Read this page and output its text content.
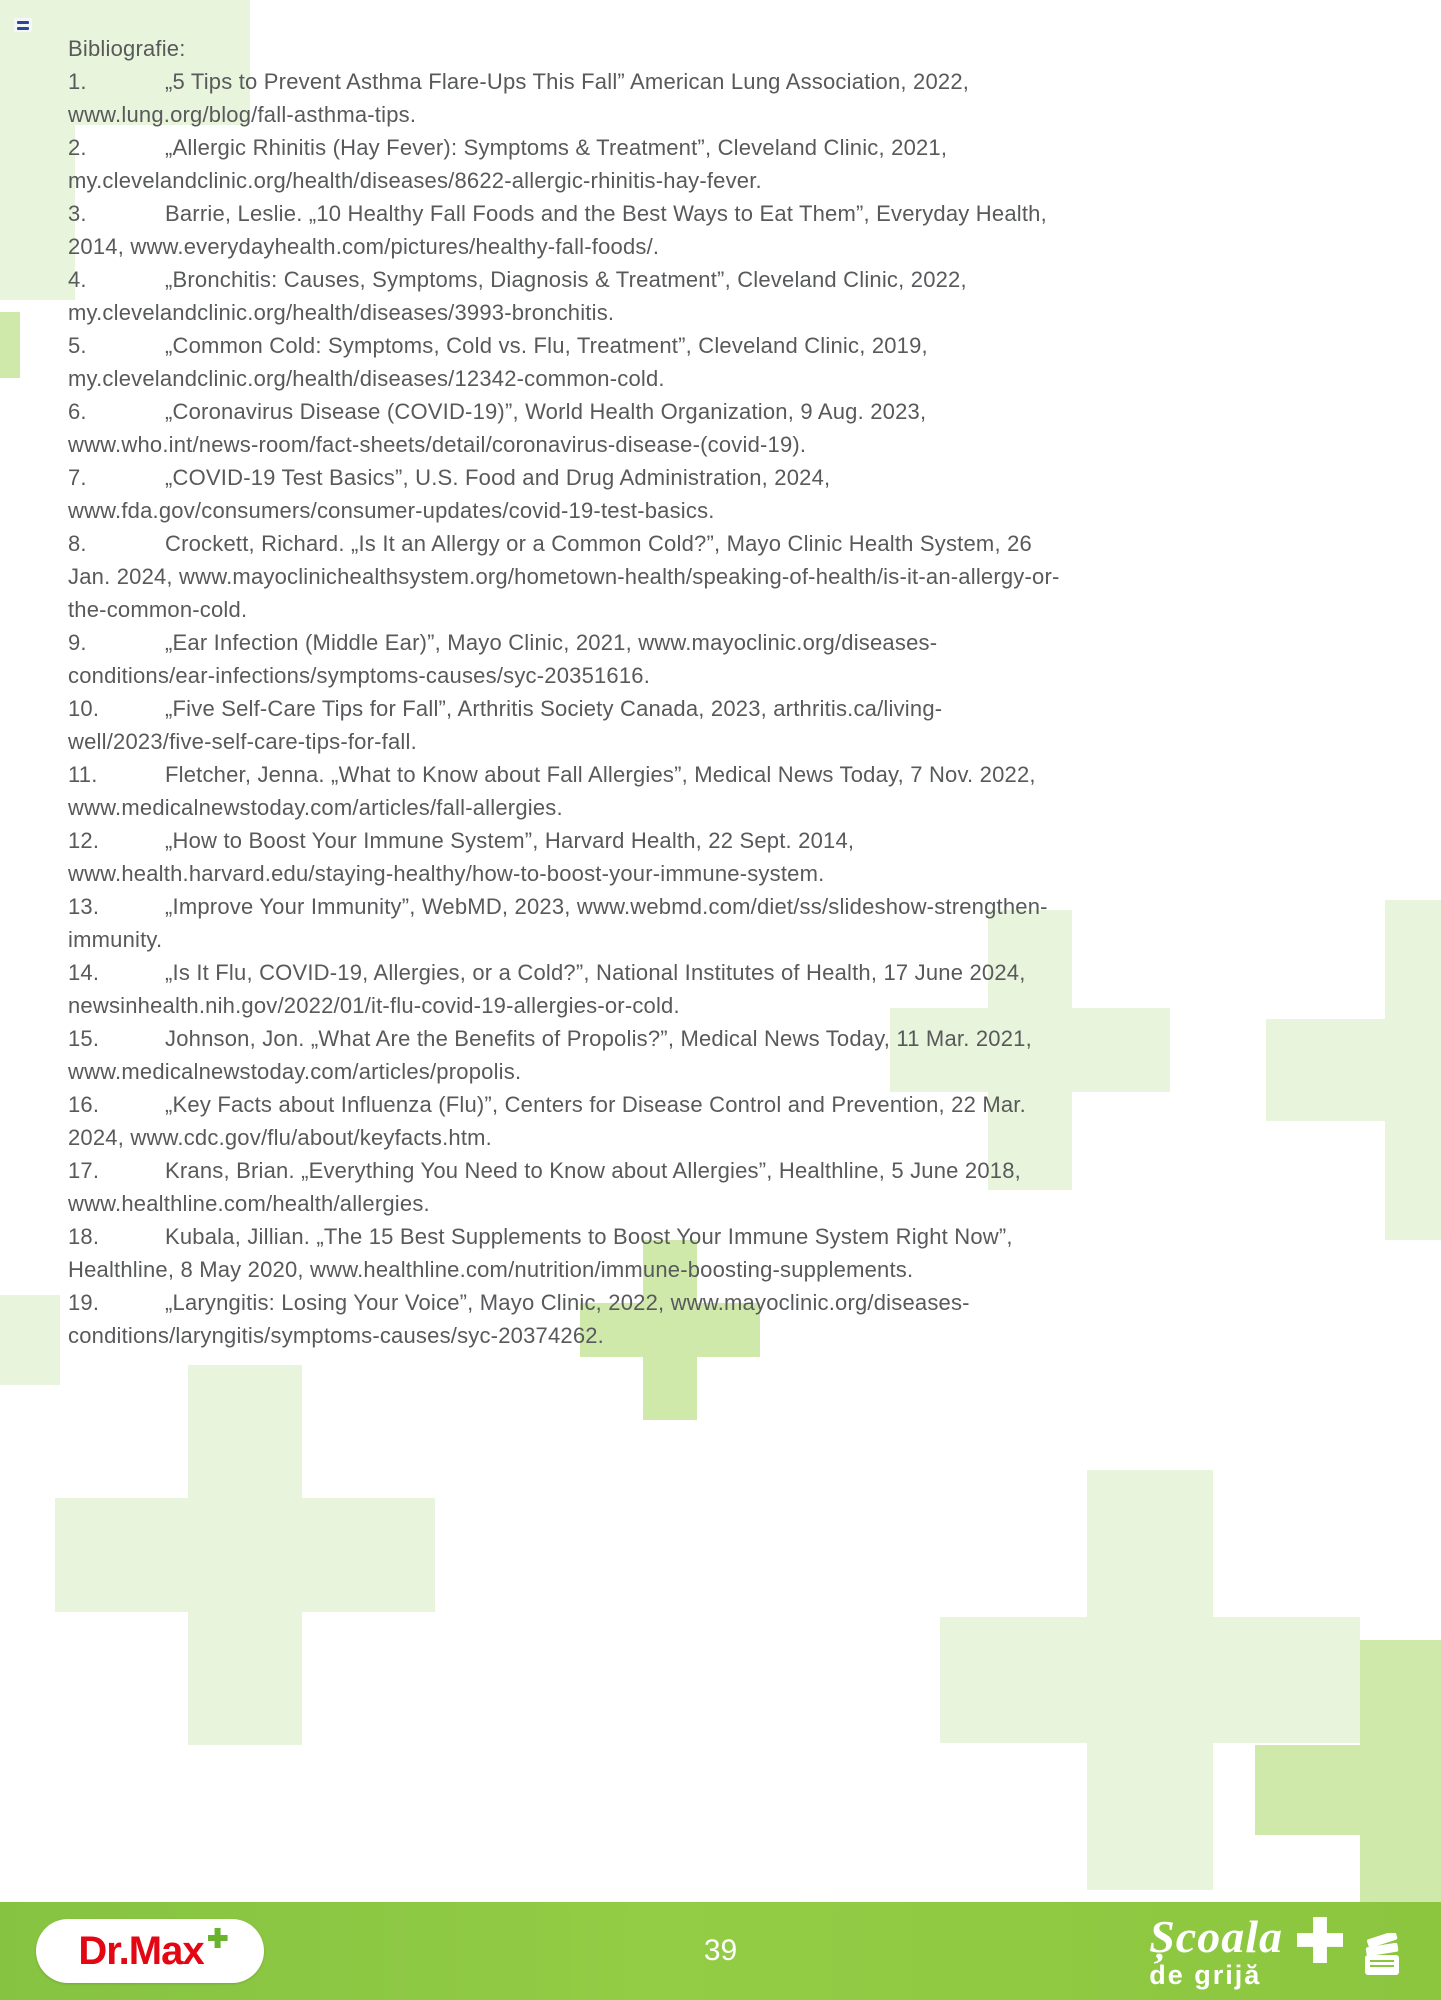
Bibliografie:

1.	„5 Tips to Prevent Asthma Flare-Ups This Fall” American Lung Association, 2022, www.lung.org/blog/fall-asthma-tips.

2.	„Allergic Rhinitis (Hay Fever): Symptoms & Treatment”, Cleveland Clinic, 2021, my.clevelandclinic.org/health/diseases/8622-allergic-rhinitis-hay-fever.

3.	Barrie, Leslie. „10 Healthy Fall Foods and the Best Ways to Eat Them”, Everyday Health, 2014, www.everydayhealth.com/pictures/healthy-fall-foods/.

4.	„Bronchitis: Causes, Symptoms, Diagnosis & Treatment”, Cleveland Clinic, 2022, my.clevelandclinic.org/health/diseases/3993-bronchitis.

5.	„Common Cold: Symptoms, Cold vs. Flu, Treatment”, Cleveland Clinic, 2019, my.clevelandclinic.org/health/diseases/12342-common-cold.

6.	„Coronavirus Disease (COVID-19)”, World Health Organization, 9 Aug. 2023, www.who.int/news-room/fact-sheets/detail/coronavirus-disease-(covid-19).

7.	„COVID-19 Test Basics”, U.S. Food and Drug Administration, 2024, www.fda.gov/consumers/consumer-updates/covid-19-test-basics.

8.	Crockett, Richard. „Is It an Allergy or a Common Cold?”, Mayo Clinic Health System, 26 Jan. 2024, www.mayoclinichealthsystem.org/hometown-health/speaking-of-health/is-it-an-allergy-or-the-common-cold.

9.	„Ear Infection (Middle Ear)”, Mayo Clinic, 2021, www.mayoclinic.org/diseases-conditions/ear-infections/symptoms-causes/syc-20351616.

10.	„Five Self-Care Tips for Fall”, Arthritis Society Canada, 2023, arthritis.ca/living-well/2023/five-self-care-tips-for-fall.

11.	Fletcher, Jenna. „What to Know about Fall Allergies”, Medical News Today, 7 Nov. 2022, www.medicalnewstoday.com/articles/fall-allergies.

12.	„How to Boost Your Immune System”, Harvard Health, 22 Sept. 2014, www.health.harvard.edu/staying-healthy/how-to-boost-your-immune-system.

13.	„Improve Your Immunity”, WebMD, 2023, www.webmd.com/diet/ss/slideshow-strengthen-immunity.

14.	„Is It Flu, COVID-19, Allergies, or a Cold?”, National Institutes of Health, 17 June 2024, newsinhealth.nih.gov/2022/01/it-flu-covid-19-allergies-or-cold.

15.	Johnson, Jon. „What Are the Benefits of Propolis?”, Medical News Today, 11 Mar. 2021, www.medicalnewstoday.com/articles/propolis.

16.	„Key Facts about Influenza (Flu)”, Centers for Disease Control and Prevention, 22 Mar. 2024, www.cdc.gov/flu/about/keyfacts.htm.

17.	Krans, Brian. „Everything You Need to Know about Allergies”, Healthline, 5 June 2018, www.healthline.com/health/allergies.

18.	Kubala, Jillian. „The 15 Best Supplements to Boost Your Immune System Right Now”, Healthline, 8 May 2020, www.healthline.com/nutrition/immune-boosting-supplements.

19.	„Laryngitis: Losing Your Voice”, Mayo Clinic, 2022, www.mayoclinic.org/diseases-conditions/laryngitis/symptoms-causes/syc-20374262.

Dr.Max	39	Școala
de grijă
